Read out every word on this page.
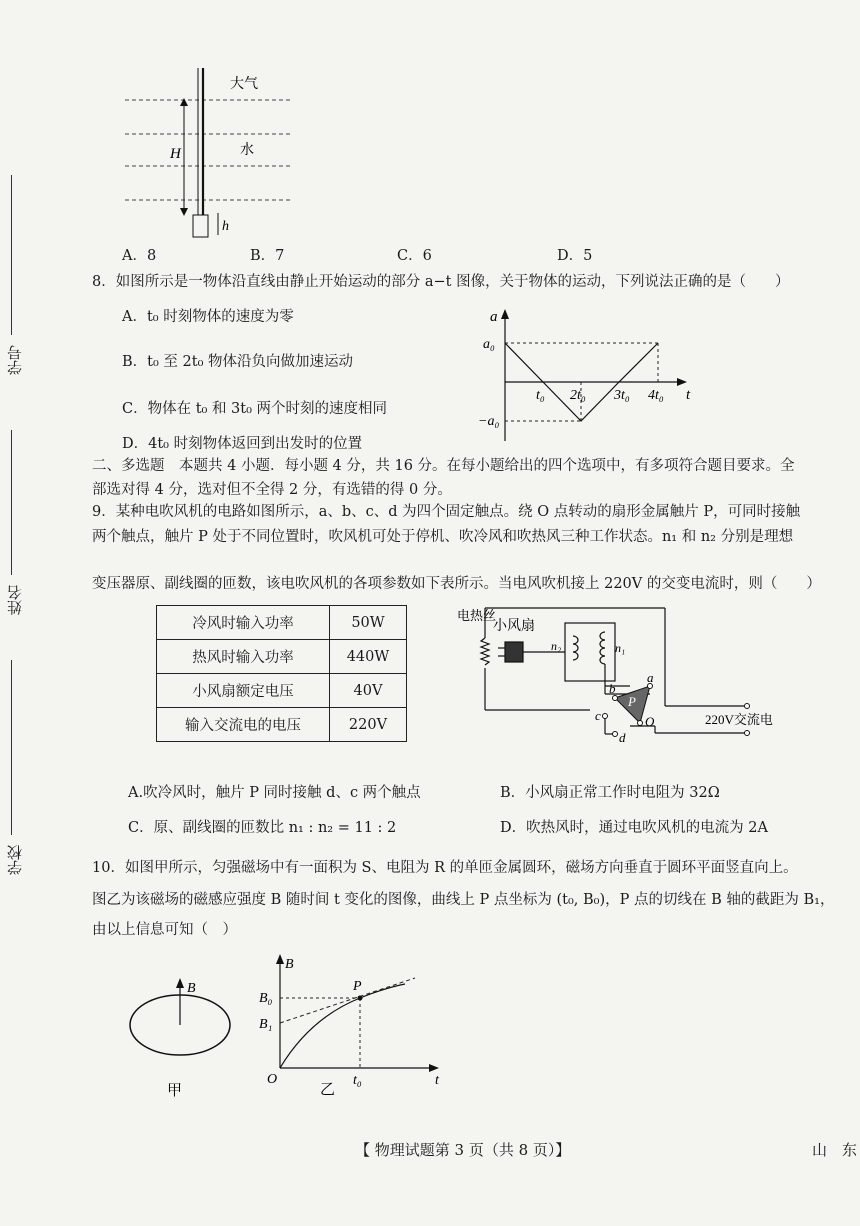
学号
姓名
学校
大气
水
H
h
A．8	B．7	C．6	D．5
8．如图所示是一物体沿直线由静止开始运动的部分 a−t 图像，关于物体的运动，下列说法正确的是（　　）
A．t₀ 时刻物体的速度为零
B．t₀ 至 2t₀ 物体沿负向做加速运动
C．物体在 t₀ 和 3t₀ 两个时刻的速度相同
D．4t₀ 时刻物体返回到出发时的位置
a
t
a₀
−a₀
t₀ 2t₀ 3t₀ 4t₀
二、多选题　本题共 4 小题．每小题 4 分，共 16 分。在每小题给出的四个选项中，有多项符合题目要求。全
部选对得 4 分，选对但不全得 2 分，有选错的得 0 分。
9．某种电吹风机的电路如图所示，a、b、c、d 为四个固定触点。绕 O 点转动的扇形金属触片 P，可同时接触
两个触点，触片 P 处于不同位置时，吹风机可处于停机、吹冷风和吹热风三种工作状态。n₁ 和 n₂ 分别是理想
变压器原、副线圈的匝数，该电吹风机的各项参数如下表所示。当电风吹机接上 220V 的交变电流时，则（　　）
冷风时输入功率	50W
热风时输入功率	440W
小风扇额定电压	40V
输入交流电的电压	220V
小风扇
电热丝
n₂	n₁
a
b
c
d
P
O	220V交流电
A.吹冷风时，触片 P 同时接触 d、c 两个触点	B．小风扇正常工作时电阻为 32Ω
C．原、副线圈的匝数比 n₁ : n₂ = 11 : 2	D．吹热风时，通过电吹风机的电流为 2A
10．如图甲所示，匀强磁场中有一面积为 S、电阻为 R 的单匝金属圆环，磁场方向垂直于圆环平面竖直向上。
图乙为该磁场的磁感应强度 B 随时间 t 变化的图像，曲线上 P 点坐标为 (t₀, B₀)，P 点的切线在 B 轴的截距为 B₁，
由以上信息可知（　）
B
甲
B
B₀
B₁
P
O	t₀	t
乙
【 物理试题第 3 页（共 8 页）】	山　东
